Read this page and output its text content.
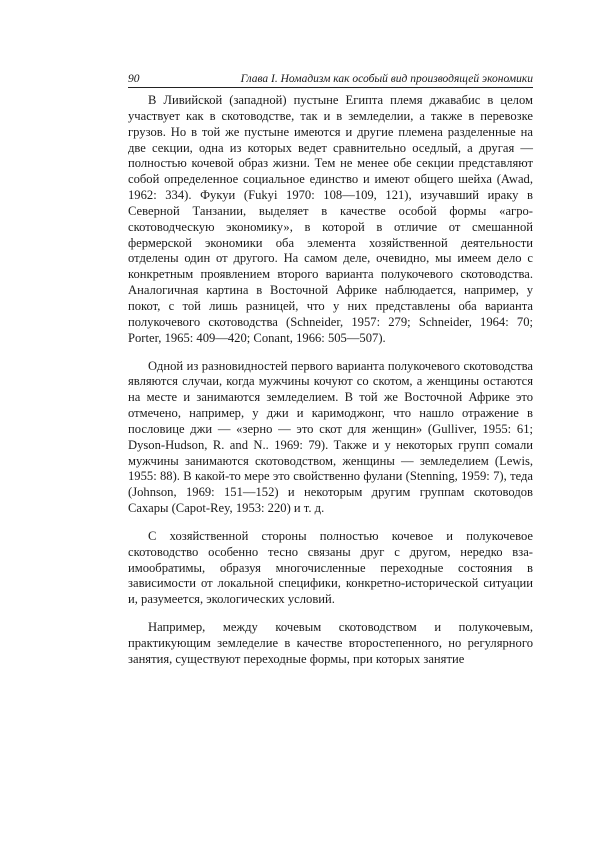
90	Глава I. Номадизм как особый вид производящей экономики

В Ливийской (западной) пустыне Египта племя джавабис в целом участвует как в скотоводстве, так и в земледелии, а также в перевозке грузов. Но в той же пустыне имеются и другие племена разделенные на две секции, одна из которых ведет сравнительно оседлый, а другая — полностью кочевой образ жизни. Тем не менее обе секции представляют собой определенное социальное единство и имеют общего шейха (Awad, 1962: 334). Фукуи (Fukyi 1970: 108—109, 121), изучавший ираку в Северной Танзании, выделяет в качестве особой формы «агро-скотоводческую экономику», в которой в отличие от смешанной фермерской экономики оба элемента хозяйственной деятельности отделены один от другого. На самом деле, очевидно, мы имеем дело с конкретным проявлением второго варианта полукочевого скотоводства. Аналогичная картина в Восточной Африке наблюдается, например, у покот, с той лишь разницей, что у них представлены оба варианта полукочевого скотоводства (Schneider, 1957: 279; Schneider, 1964: 70; Porter, 1965: 409—420; Conant, 1966: 505—507).

Одной из разновидностей первого варианта полукочевого скотоводства являются случаи, когда мужчины кочуют со скотом, а женщины остаются на месте и занимаются земледелием. В той же Восточной Африке это отмечено, например, у джи и каримоджонг, что нашло отражение в пословице джи — «зерно — это скот для женщин» (Gulliver, 1955: 61; Dyson-Hudson, R. and N.. 1969: 79). Также и у некоторых групп сомали мужчины занимаются скотоводством, женщины — земледелием (Lewis, 1955: 88). В какой-то мере это свойственно фулани (Stenning, 1959: 7), теда (Johnson, 1969: 151—152) и некоторым другим группам скотоводов Сахары (Capot-Rey, 1953: 220) и т. д.

С хозяйственной стороны полностью кочевое и полукочевое скотоводство особенно тесно связаны друг с другом, нередко вза-имообратимы, образуя многочисленные переходные состояния в зависимости от локальной специфики, конкретно-исторической ситуации и, разумеется, экологических условий.

Например, между кочевым скотоводством и полукочевым, практикующим земледелие в качестве второстепенного, но регулярного занятия, существуют переходные формы, при которых занятие
